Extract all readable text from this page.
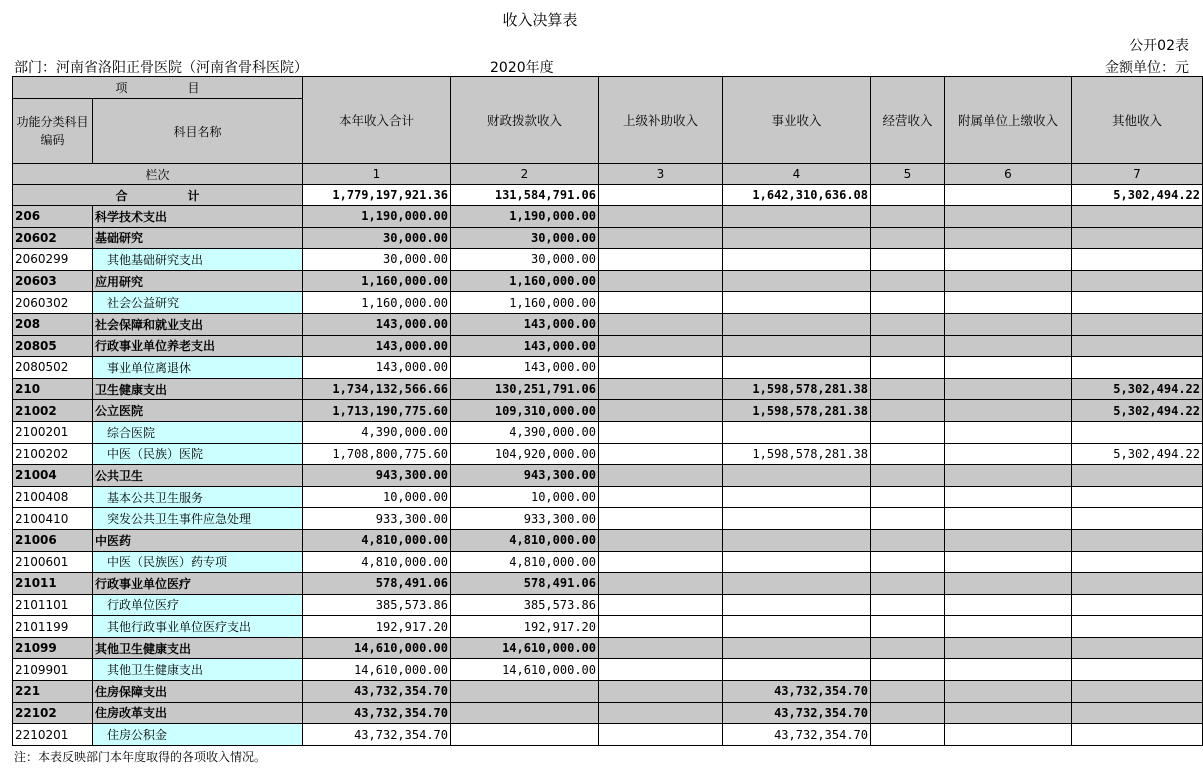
收入决算表
公开02表
部门：河南省洛阳正骨医院（河南省骨科医院）	2020年度	金额单位：元
项 目		本年收入合计	财政拨款收入	上级补助收入	事业收入	经营收入	附属单位上缴收入	其他收入
功能分类科目编码	科目名称							
栏次		1	2	3	4	5	6	7
合 计		1,779,197,921.36	131,584,791.06		1,642,310,636.08			5,302,494.22
206	科学技术支出	1,190,000.00	1,190,000.00					
20602	基础研究	30,000.00	30,000.00					
2060299	其他基础研究支出	30,000.00	30,000.00					
20603	应用研究	1,160,000.00	1,160,000.00					
2060302	社会公益研究	1,160,000.00	1,160,000.00					
208	社会保障和就业支出	143,000.00	143,000.00					
20805	行政事业单位养老支出	143,000.00	143,000.00					
2080502	事业单位离退休	143,000.00	143,000.00					
210	卫生健康支出	1,734,132,566.66	130,251,791.06		1,598,578,281.38			5,302,494.22
21002	公立医院	1,713,190,775.60	109,310,000.00		1,598,578,281.38			5,302,494.22
2100201	综合医院	4,390,000.00	4,390,000.00					
2100202	中医（民族）医院	1,708,800,775.60	104,920,000.00		1,598,578,281.38			5,302,494.22
21004	公共卫生	943,300.00	943,300.00					
2100408	基本公共卫生服务	10,000.00	10,000.00					
2100410	突发公共卫生事件应急处理	933,300.00	933,300.00					
21006	中医药	4,810,000.00	4,810,000.00					
2100601	中医（民族医）药专项	4,810,000.00	4,810,000.00					
21011	行政事业单位医疗	578,491.06	578,491.06					
2101101	行政单位医疗	385,573.86	385,573.86					
2101199	其他行政事业单位医疗支出	192,917.20	192,917.20					
21099	其他卫生健康支出	14,610,000.00	14,610,000.00					
2109901	其他卫生健康支出	14,610,000.00	14,610,000.00					
221	住房保障支出	43,732,354.70			43,732,354.70			
22102	住房改革支出	43,732,354.70			43,732,354.70			
2210201	住房公积金	43,732,354.70			43,732,354.70			
注：本表反映部门本年度取得的各项收入情况。
